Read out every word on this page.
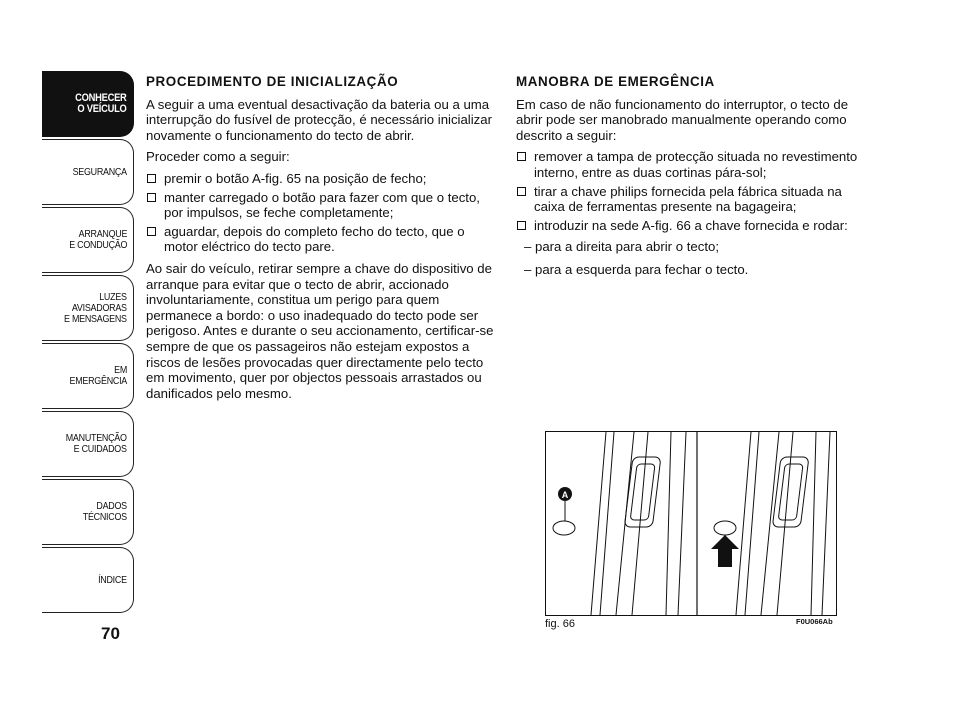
CONHECER
O VEÍCULO
SEGURANÇA
ARRANQUE
E CONDUÇÃO
LUZES
AVISADORAS
E MENSAGENS
EM EMERGÊNCIA
MANUTENÇÃO
E CUIDADOS
DADOS
TÉCNICOS
ÍNDICE
70
PROCEDIMENTO DE INICIALIZAÇÃO

A seguir a uma eventual desactivação da bateria ou a uma interrupção do fusível de protecção, é necessário inicializar novamente o funcionamento do tecto de abrir.

Proceder como a seguir:

premir o botão A-fig. 65 na posição de fecho;
manter carregado o botão para fazer com que o tecto, por impulsos, se feche completamente;
aguardar, depois do completo fecho do tecto, que o motor eléctrico do tecto pare.

Ao sair do veículo, retirar sempre a chave do dispositivo de arranque para evitar que o tecto de abrir, accionado involuntariamente, constitua um perigo para quem permanece a bordo: o uso inadequado do tecto pode ser perigoso. Antes e durante o seu accionamento, certificar-se sempre de que os passageiros não estejam expostos a riscos de lesões provocadas quer directamente pelo tecto em movimento, quer por objectos pessoais arrastados ou danificados pelo mesmo.

MANOBRA DE EMERGÊNCIA

Em caso de não funcionamento do interruptor, o tecto de abrir pode ser manobrado manualmente operando como descrito a seguir:

remover a tampa de protecção situada no revestimento interno, entre as duas cortinas pára-sol;
tirar a chave philips fornecida pela fábrica situada na caixa de ferramentas presente na bagageira;
introduzir na sede A-fig. 66 a chave fornecida e rodar:
– para a direita para abrir o tecto;
– para a esquerda para fechar o tecto.
A
fig. 66	F0U066Ab
